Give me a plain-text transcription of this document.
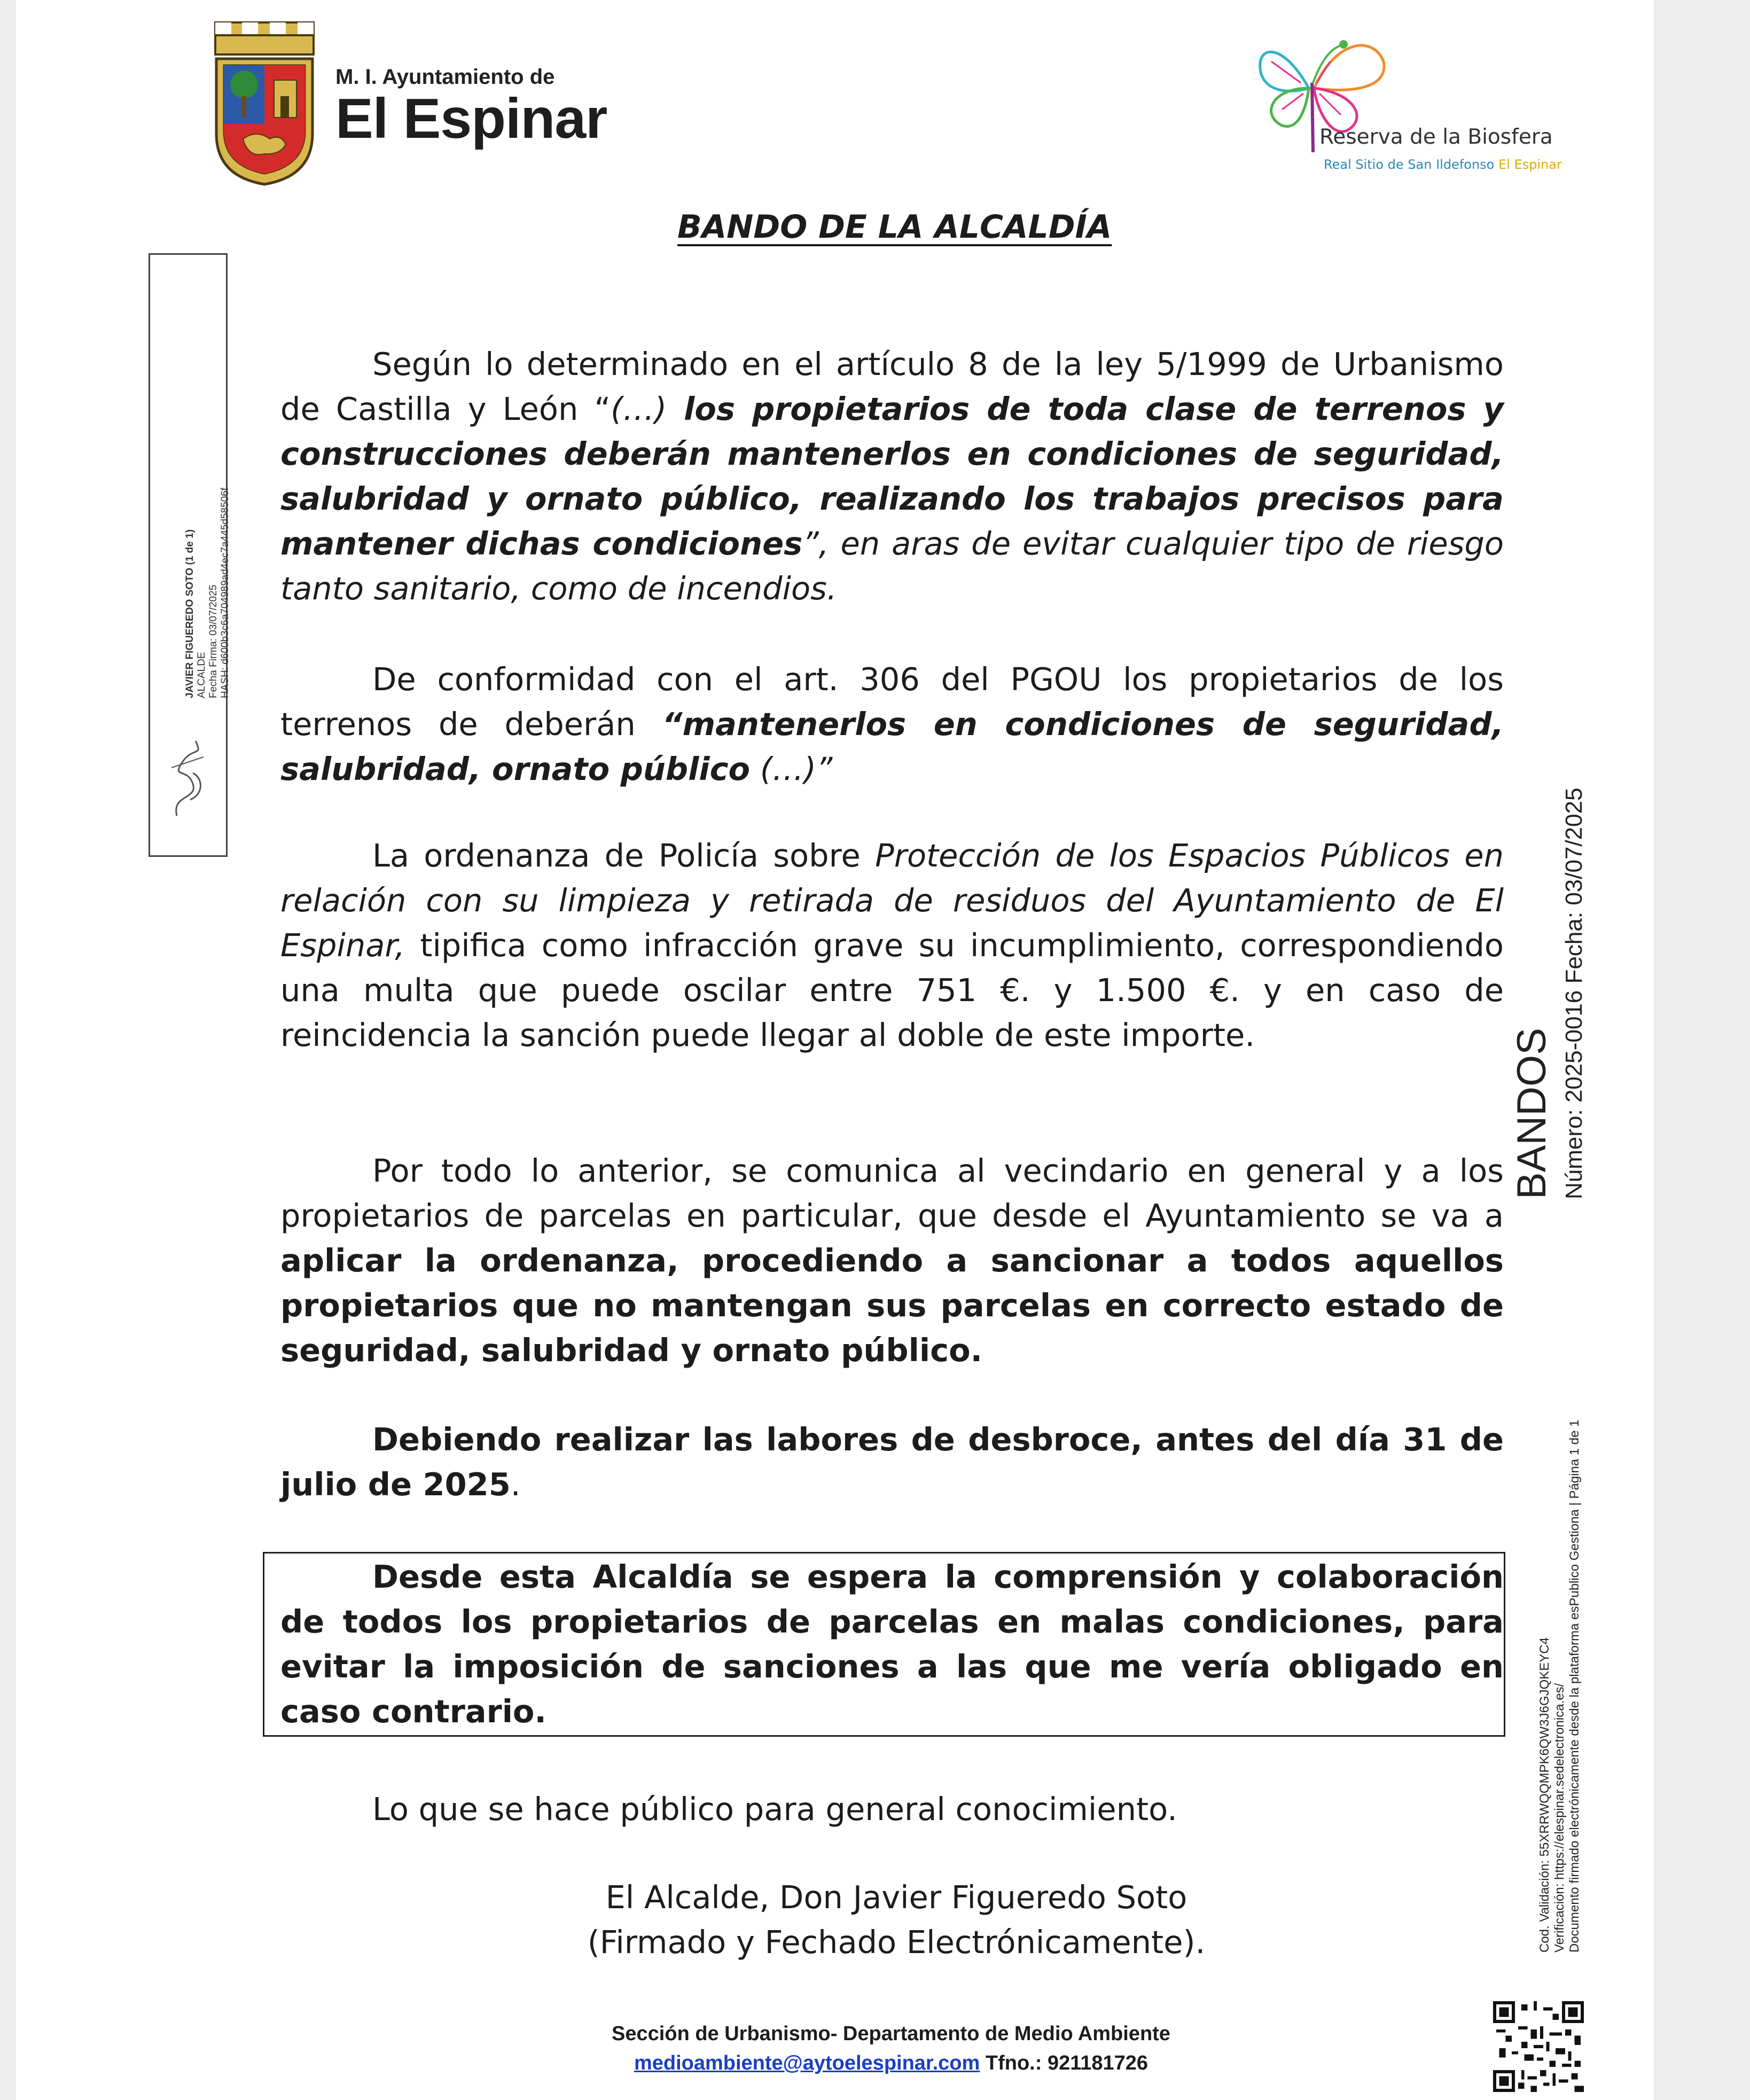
M. I. Ayuntamiento de
El Espinar	Reserva de la Biosfera
Real Sitio de San Ildefonso El Espinar
BANDO DE LA ALCALDÍA

Según lo determinado en el artículo 8 de la ley 5/1999 de Urbanismo de Castilla y León “(…) los propietarios de toda clase de terrenos y construcciones deberán mantenerlos en condiciones de seguridad, salubridad y ornato público, realizando los trabajos precisos para mantener dichas condiciones”, en aras de evitar cualquier tipo de riesgo tanto sanitario, como de incendios.

De conformidad con el art. 306 del PGOU los propietarios de los terrenos de deberán “mantenerlos en condiciones de seguridad, salubridad, ornato público (…)”

La ordenanza de Policía sobre Protección de los Espacios Públicos en relación con su limpieza y retirada de residuos del Ayuntamiento de El Espinar, tipifica como infracción grave su incumplimiento, correspondiendo una multa que puede oscilar entre 751 €. y 1.500 €. y en caso de reincidencia la sanción puede llegar al doble de este importe.

Por todo lo anterior, se comunica al vecindario en general y a los propietarios de parcelas en particular, que desde el Ayuntamiento se va a aplicar la ordenanza, procediendo a sancionar a todos aquellos propietarios que no mantengan sus parcelas en correcto estado de seguridad, salubridad y ornato público.

Debiendo realizar las labores de desbroce, antes del día 31 de julio de 2025.

Desde esta Alcaldía se espera la comprensión y colaboración de todos los propietarios de parcelas en malas condiciones, para evitar la imposición de sanciones a las que me vería obligado en caso contrario.

Lo que se hace público para general conocimiento.

El Alcalde, Don Javier Figueredo Soto
(Firmado y Fechado Electrónicamente).
Sección de Urbanismo- Departamento de Medio Ambiente
medioambiente@aytoelespinar.com Tfno.: 921181726
JAVIER FIGUEREDO SOTO (1 de 1) ALCALDE Fecha Firma: 03/07/2025 HASH: d600b3c6a704989ad4ec7a445d58506f
BANDOS Número: 2025-0016 Fecha: 03/07/2025
Cod. Validación: 55XRRWQQMPK6QW3J6GJQKEYC4 Verificación: https://elespinar.sedelectronica.es/ Documento firmado electrónicamente desde la plataforma esPublico Gestiona | Página 1 de 1
